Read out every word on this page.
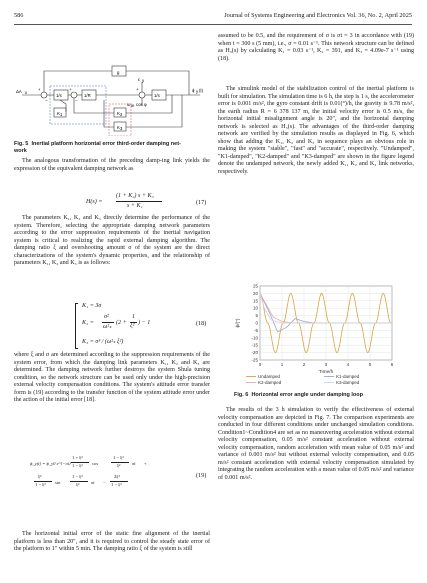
586	Journal of Systems Engineering and Electronics Vol. 36, No. 2, April 2025
g
1/s	1/R	1/s
K 1	K 2
K 3
ΔA x	ϕ y (t)
ε y
ω ie cos φ
+	+	+
−	−
Fig. 5 Inertial platform horizontal error third-order damping net-
work
The analogous transformation of the preceding damp-ing link yields the expression of the equivalent damping network as
H(s) =
(1 + K₂) s + K₃
s + K₁	(17)
The parameters K₁, K₂ and K₃ directly determine the performance of the system. Therefore, selecting the appropriate damping network parameters according to the error suppression requirements of the inertial navigation system is critical to realizing the rapid external damping algorithm. The damping ratio ξ and overshooting amount σ of the system are the direct characterizations of the system's dynamic properties, and the relationship of parameters K₁, K₂ and K₃ is as follows:
K₁ = 3σ
K₂ =
σ²
ω²ₛ
(2 +
1
ξ² ) − 1
K₃ = σ³ / (ω²ₛ ξ²)
(18)
where ξ and σ are determined according to the suppression requirements of the system error, from which the damping link parameters K₁, K₂ and K₃ are determined. The damping network further destroys the system Shula tuning condition, so the network structure can be used only under the high-precision external velocity compensation conditions. The system's attitude error transfer form is (19) according to the transfer function of the system attitude error under the action of the initial error [18].
ϕ_y(t) = ϕ_y0 e^{−σt}
1 + ξ²
1 − ξ² cos
1 − ξ²
ξ²	σt +
ξ²
1 − ξ² sin
1 − ξ²
ξ²	σt −
2ξ²
1 − ξ²
(19)
The horizontal initial error of the static fine alignment of the inertial platform is less than 20″, and it is required to control the steady state error of the platform to 1″ within 5 min. The damping ratio ξ of the system is still
assumed to be 0.5, and the requirement of σ is σt = 3 in accordance with (19) when t = 300 s (5 mm), i.e., σ = 0.01 s⁻¹. This network structure can be defined as H₃(s) by calculating K₁ = 0.03 s⁻¹, K₂ = 391, and K₃ = 4.09e-7 s⁻¹ using (18).
The simulink model of the stabilization control of the inertial platform is built for simulation. The simulation time is 6 h, the step is 1 s, the accelerometer error is 0.001 m/s², the gyro constant drift is 0.01(°)/h, the gravity is 9.78 m/s², the earth radius R = 6 378 137 m, the initial velocity error is 0.5 m/s, the horizontal initial misalignment angle is 20″, and the horizontal damping network is selected as H₃(s). The advantages of the third-order damping network are verified by the simulation results as displayed in Fig. 6, which show that adding the K₁, K₂ and K₃ in sequence plays an obvious role in making the system "stable", "fast" and "accurate", respectively. "Undamped", "K1-damped", "K2-damped" and "K3-damped" are shown in the figure legend denote the undamped network, the newly added K₁, K₂ and K₃ link networks, respectively.
0	1	2	3	4	5	6
25
20
15
10
5
0
-5
-10
-15
-20
-25
ϕ/(″)
Time/h
Undamped	K1-damped
K2-damped	K3-damped
Fig. 6 Horizontal error angle under damping loop
The results of the 3 h simulation to verify the effectiveness of external velocity compensation are depicted in Fig. 7. The comparison experiments are conducted in four different conditions under unchanged simulation conditions. Condition1~Condition4 are set as no maneuvering acceleration without external velocity compensation, 0.05 m/s² constant acceleration without external velocity compensation, random acceleration with mean value of 0.05 m/s² and variance of 0.001 m/s² but without external velocity compensation, and 0.05 m/s² constant acceleration with external velocity compensation simulated by integrating the random acceleration with a mean value of 0.05 m/s² and variance of 0.001 m/s².
